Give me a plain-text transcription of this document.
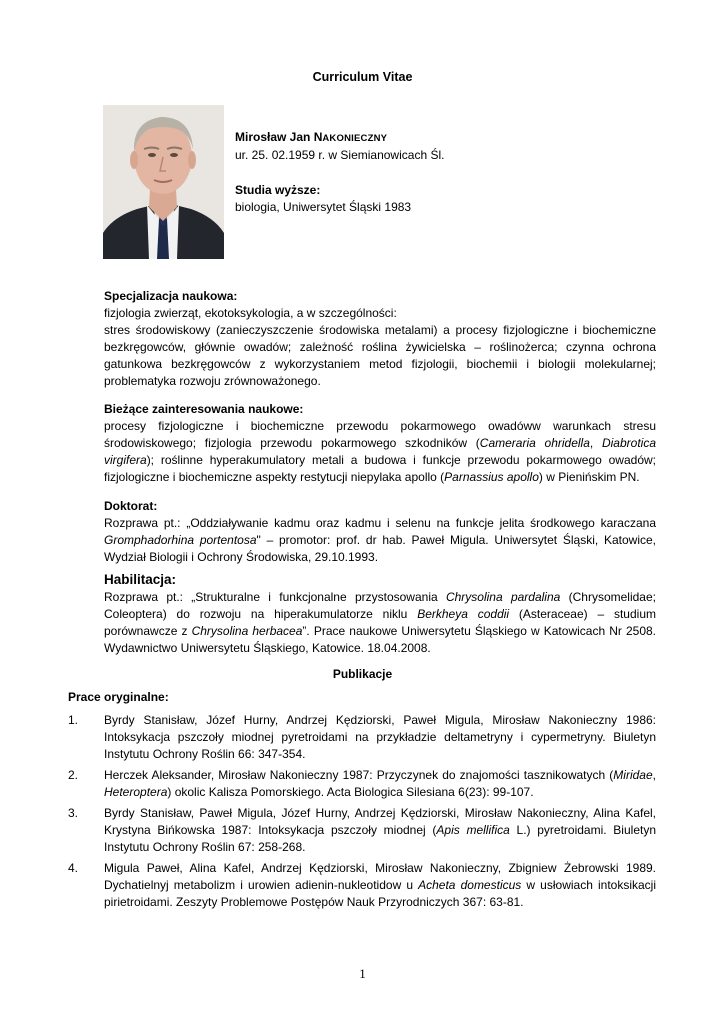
Curriculum Vitae
Mirosław Jan NAKONIECZNY
ur. 25. 02.1959 r. w Siemianowicach Śl.
Studia wyższe:
biologia, Uniwersytet Śląski 1983

Specjalizacja naukowa:

fizjologia zwierząt, ekotoksykologia, a w szczególności:

stres środowiskowy (zanieczyszczenie środowiska metalami) a procesy fizjologiczne i biochemiczne bezkręgowców, głównie owadów; zależność roślina żywicielska – roślinożerca; czynna ochrona gatunkowa bezkręgowców z wykorzystaniem metod fizjologii, biochemii i biologii molekularnej; problematyka rozwoju zrównoważonego.

Bieżące zainteresowania naukowe:

procesy fizjologiczne i biochemiczne przewodu pokarmowego owadóww warunkach stresu środowiskowego; fizjologia przewodu pokarmowego szkodników (Cameraria ohridella, Diabrotica virgifera); roślinne hyperakumulatory metali a budowa i funkcje przewodu pokarmowego owadów; fizjologiczne i biochemiczne aspekty restytucji niepylaka apollo (Parnassius apollo) w Pienińskim PN.

Doktorat:

Rozprawa pt.: „Oddziaływanie kadmu oraz kadmu i selenu na funkcje jelita środkowego karaczana Gromphadorhina portentosa" – promotor: prof. dr hab. Paweł Migula. Uniwersytet Śląski, Katowice, Wydział Biologii i Ochrony Środowiska, 29.10.1993.

Habilitacja:

Rozprawa pt.: „Strukturalne i funkcjonalne przystosowania Chrysolina pardalina (Chrysomelidae; Coleoptera) do rozwoju na hiperakumulatorze niklu Berkheya coddii (Asteraceae) – studium porównawcze z Chrysolina herbacea”. Prace naukowe Uniwersytetu Śląskiego w Katowicach Nr 2508. Wydawnictwo Uniwersytetu Śląskiego, Katowice. 18.04.2008.

Publikacje
Prace oryginalne:
1.	Byrdy Stanisław, Józef Hurny, Andrzej Kędziorski, Paweł Migula, Mirosław Nakonieczny 1986: Intoksykacja pszczoły miodnej pyretroidami na przykładzie deltametryny i cypermetryny. Biuletyn Instytutu Ochrony Roślin 66: 347-354.
2.	Herczek Aleksander, Mirosław Nakonieczny 1987: Przyczynek do znajomości tasznikowatych (Miridae, Heteroptera) okolic Kalisza Pomorskiego. Acta Biologica Silesiana 6(23): 99-107.
3.	Byrdy Stanisław, Paweł Migula, Józef Hurny, Andrzej Kędziorski, Mirosław Nakonieczny, Alina Kafel, Krystyna Bińkowska 1987: Intoksykacja pszczoły miodnej (Apis mellifica L.) pyretroidami. Biuletyn Instytutu Ochrony Roślin 67: 258-268.
4.	Migula Paweł, Alina Kafel, Andrzej Kędziorski, Mirosław Nakonieczny, Zbigniew Żebrowski 1989. Dychatielnyj metabolizm i urowien adienin-nukleotidow u Acheta domesticus w usłowiach intoksikacji pirietroidami. Zeszyty Problemowe Postępów Nauk Przyrodniczych 367: 63-81.
1
